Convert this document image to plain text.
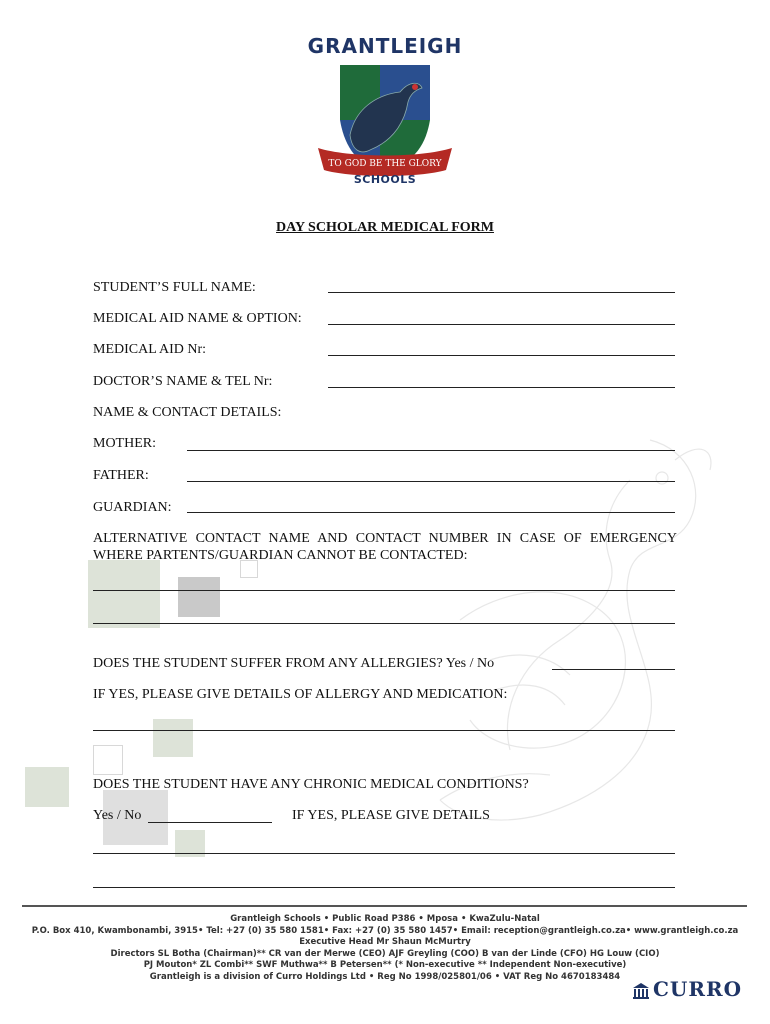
GRANTLEIGH
TO GOD BE THE GLORY
SCHOOLS
DAY SCHOLAR MEDICAL FORM
STUDENT’S FULL NAME:
MEDICAL AID NAME & OPTION:
MEDICAL AID Nr:
DOCTOR’S NAME & TEL Nr:
NAME & CONTACT DETAILS:
MOTHER:
FATHER:
GUARDIAN:
ALTERNATIVE CONTACT NAME AND CONTACT NUMBER IN CASE OF EMERGENCY WHERE PARTENTS/GUARDIAN CANNOT BE CONTACTED:
DOES THE STUDENT SUFFER FROM ANY ALLERGIES? Yes / No
IF YES, PLEASE GIVE DETAILS OF ALLERGY AND MEDICATION:
DOES THE STUDENT HAVE ANY CHRONIC MEDICAL CONDITIONS?
Yes / No	IF YES, PLEASE GIVE DETAILS
Grantleigh Schools • Public Road P386 • Mposa • KwaZulu-Natal
P.O. Box 410, Kwambonambi, 3915• Tel: +27 (0) 35 580 1581• Fax: +27 (0) 35 580 1457• Email: reception@grantleigh.co.za• www.grantleigh.co.za
Executive Head Mr Shaun McMurtry
Directors SL Botha (Chairman)** CR van der Merwe (CEO) AJF Greyling (COO) B van der Linde (CFO) HG Louw (CIO)
PJ Mouton* ZL Combi** SWF Muthwa** B Petersen** (* Non-executive ** Independent Non-executive)
Grantleigh is a division of Curro Holdings Ltd • Reg No 1998/025801/06 • VAT Reg No 4670183484
CURRO
